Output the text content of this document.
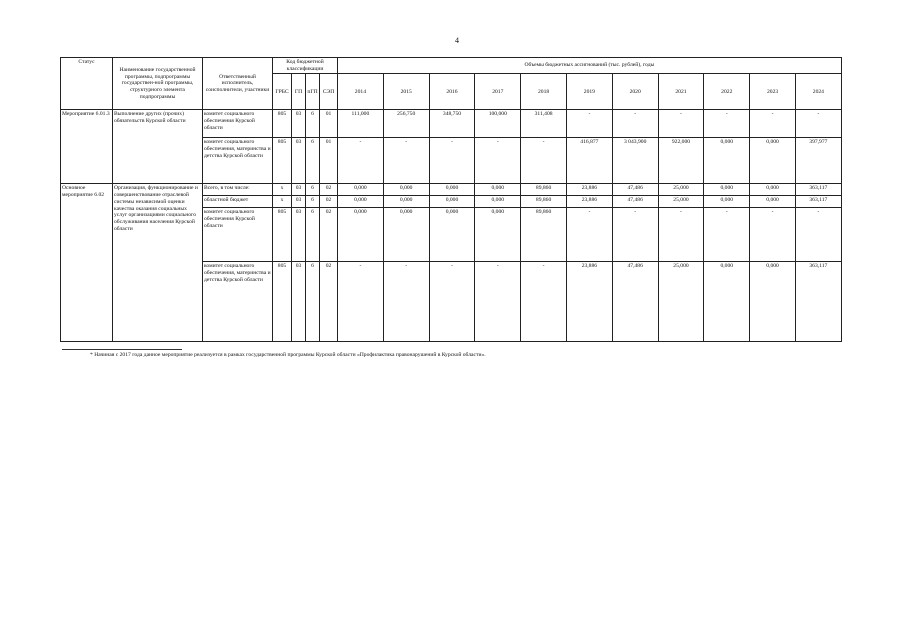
4
Статус	Наименование государственной программы, подпрограммы государствен-ной программы, структурного элемента подпрограммы	Ответственный исполнитель, соисполнители, участники	Код бюджетной классификации				Объемы бюджетных ассигнований (тыс. рублей), годы										
			ГРБС	ГП	пГП	СЭП	2014	2015	2016	2017	2018	2019	2020	2021	2022	2023	2024
Мероприятие 6.01.3	Выполнение других (прочих) обязательств Курской области	комитет социального обеспечения Курской области	805	03	6	01	111,000	256,750	348,750	100,000	311,408	-	-	-	-	-	-
		комитет социального обеспечения, материнства и детства Курской области	805	03	6	01	-	-	-	-	-	416,877	3 043,900	922,000	0,000	0,000	397,977
Основное мероприятие 6.02	Организация, функционирование и совершенствование отраслевой системы независимой оценки качества оказания социальных услуг организациями социального обслуживания населения Курской области	Всего, в том числе:	х	03	6	02	0,000	0,000	0,000	0,000	89,860	23,886	47,486	25,000	0,000	0,000	363,117
		областной бюджет	х	03	6	02	0,000	0,000	0,000	0,000	89,860	23,886	47,486	25,000	0,000	0,000	363,117
		комитет социального обеспечения Курской области	805	03	6	02	0,000	0,000	0,000	0,000	89,860	-	-	-	-	-	-
		комитет социального обеспечения, материнства и детства Курской области	805	03	6	02	-	-	-	-	-	23,886	47,486	25,000	0,000	0,000	363,117
* Начиная с 2017 года данное мероприятие реализуется в рамках государственной программы Курской области «Профилактика правонарушений в Курской области».
